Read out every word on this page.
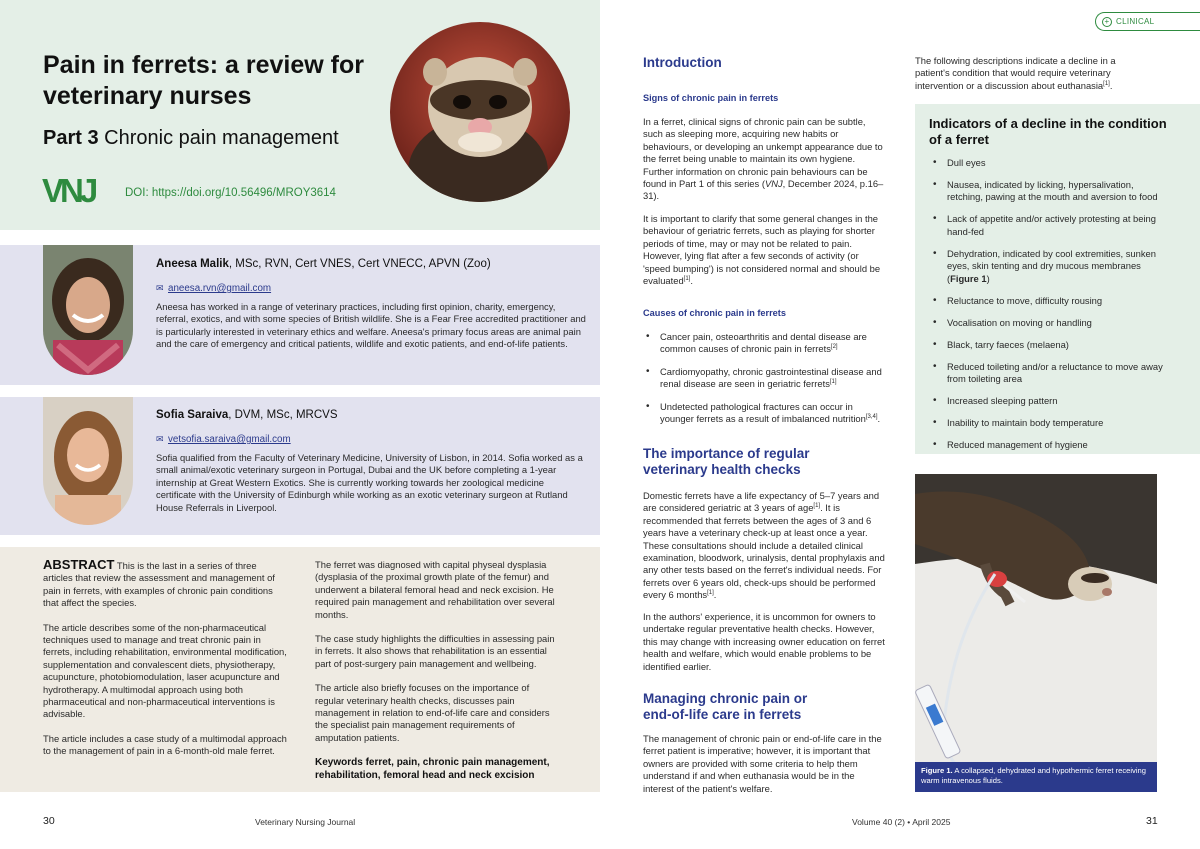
Pain in ferrets: a review for veterinary nurses
Part 3 Chronic pain management
VNJ	DOI: https://doi.org/10.56496/MROY3614
Aneesa Malik, MSc, RVN, Cert VNES, Cert VNECC, APVN (Zoo)
✉ aneesa.rvn@gmail.com

Aneesa has worked in a range of veterinary practices, including first opinion, charity, emergency, referral, exotics, and with some species of British wildlife. She is a Fear Free accredited practitioner and is particularly interested in veterinary ethics and welfare. Aneesa's primary focus areas are animal pain and the care of emergency and critical patients, wildlife and exotic patients, and end-of-life patients.

Sofia Saraiva, DVM, MSc, MRCVS
✉ vetsofia.saraiva@gmail.com

Sofia qualified from the Faculty of Veterinary Medicine, University of Lisbon, in 2014. Sofia worked as a small animal/exotic veterinary surgeon in Portugal, Dubai and the UK before completing a 1-year internship at Great Western Exotics. She is currently working towards her zoological medicine certificate with the University of Edinburgh while working as an exotic veterinary surgeon at Rutland House Referrals in Liverpool.

ABSTRACT This is the last in a series of three articles that review the assessment and management of pain in ferrets, with examples of chronic pain conditions that affect the species.

The article describes some of the non-pharmaceutical techniques used to manage and treat chronic pain in ferrets, including rehabilitation, environmental modification, supplementation and convalescent diets, physiotherapy, acupuncture, photobiomodulation, laser acupuncture and hydrotherapy. A multimodal approach using both pharmaceutical and non-pharmaceutical interventions is advisable.

The article includes a case study of a multimodal approach to the management of pain in a 6-month-old male ferret.

The ferret was diagnosed with capital physeal dysplasia (dysplasia of the proximal growth plate of the femur) and underwent a bilateral femoral head and neck excision. He required pain management and rehabilitation over several months.

The case study highlights the difficulties in assessing pain in ferrets. It also shows that rehabilitation is an essential part of post-surgery pain management and wellbeing.

The article also briefly focuses on the importance of regular veterinary health checks, discusses pain management in relation to end-of-life care and considers the specialist pain management requirements of amputation patients.

Keywords ferret, pain, chronic pain management, rehabilitation, femoral head and neck excision
30	Veterinary Nursing Journal
+ CLINICAL
Introduction
Signs of chronic pain in ferrets

In a ferret, clinical signs of chronic pain can be subtle, such as sleeping more, acquiring new habits or behaviours, or developing an unkempt appearance due to the ferret being unable to maintain its own hygiene. Further information on chronic pain behaviours can be found in Part 1 of this series (VNJ, December 2024, p.16–31).

It is important to clarify that some general changes in the behaviour of geriatric ferrets, such as playing for shorter periods of time, may or may not be related to pain. However, lying flat after a few seconds of activity (or 'speed bumping') is not considered normal and should be evaluated[1].

Causes of chronic pain in ferrets
• Cancer pain, osteoarthritis and dental disease are common causes of chronic pain in ferrets[2]
• Cardiomyopathy, chronic gastrointestinal disease and renal disease are seen in geriatric ferrets[1]
• Undetected pathological fractures can occur in younger ferrets as a result of imbalanced nutrition[3,4].
The importance of regular veterinary health checks

Domestic ferrets have a life expectancy of 5–7 years and are considered geriatric at 3 years of age[1]. It is recommended that ferrets between the ages of 3 and 6 years have a veterinary check-up at least once a year. These consultations should include a detailed clinical examination, bloodwork, urinalysis, dental prophylaxis and any other tests based on the ferret's individual needs. For ferrets over 6 years old, check-ups should be performed every 6 months[1].

In the authors' experience, it is uncommon for owners to undertake regular preventative health checks. However, this may change with increasing owner education on ferret health and welfare, which would enable problems to be identified earlier.

Managing chronic pain or end-of-life care in ferrets

The management of chronic pain or end-of-life care in the ferret patient is imperative; however, it is important that owners are provided with some criteria to help them understand if and when euthanasia would be in the interest of the patient's welfare.

The following descriptions indicate a decline in a patient's condition that would require veterinary intervention or a discussion about euthanasia[1].

Indicators of a decline in the condition of a ferret
• Dull eyes
• Nausea, indicated by licking, hypersalivation, retching, pawing at the mouth and aversion to food
• Lack of appetite and/or actively protesting at being hand-fed
• Dehydration, indicated by cool extremities, sunken eyes, skin tenting and dry mucous membranes (Figure 1)
• Reluctance to move, difficulty rousing
• Vocalisation on moving or handling
• Black, tarry faeces (melaena)
• Reduced toileting and/or a reluctance to move away from toileting area
• Increased sleeping pattern
• Inability to maintain body temperature
• Reduced management of hygiene
Figure 1. A collapsed, dehydrated and hypothermic ferret receiving warm intravenous fluids.
Volume 40 (2) • April 2025	31
